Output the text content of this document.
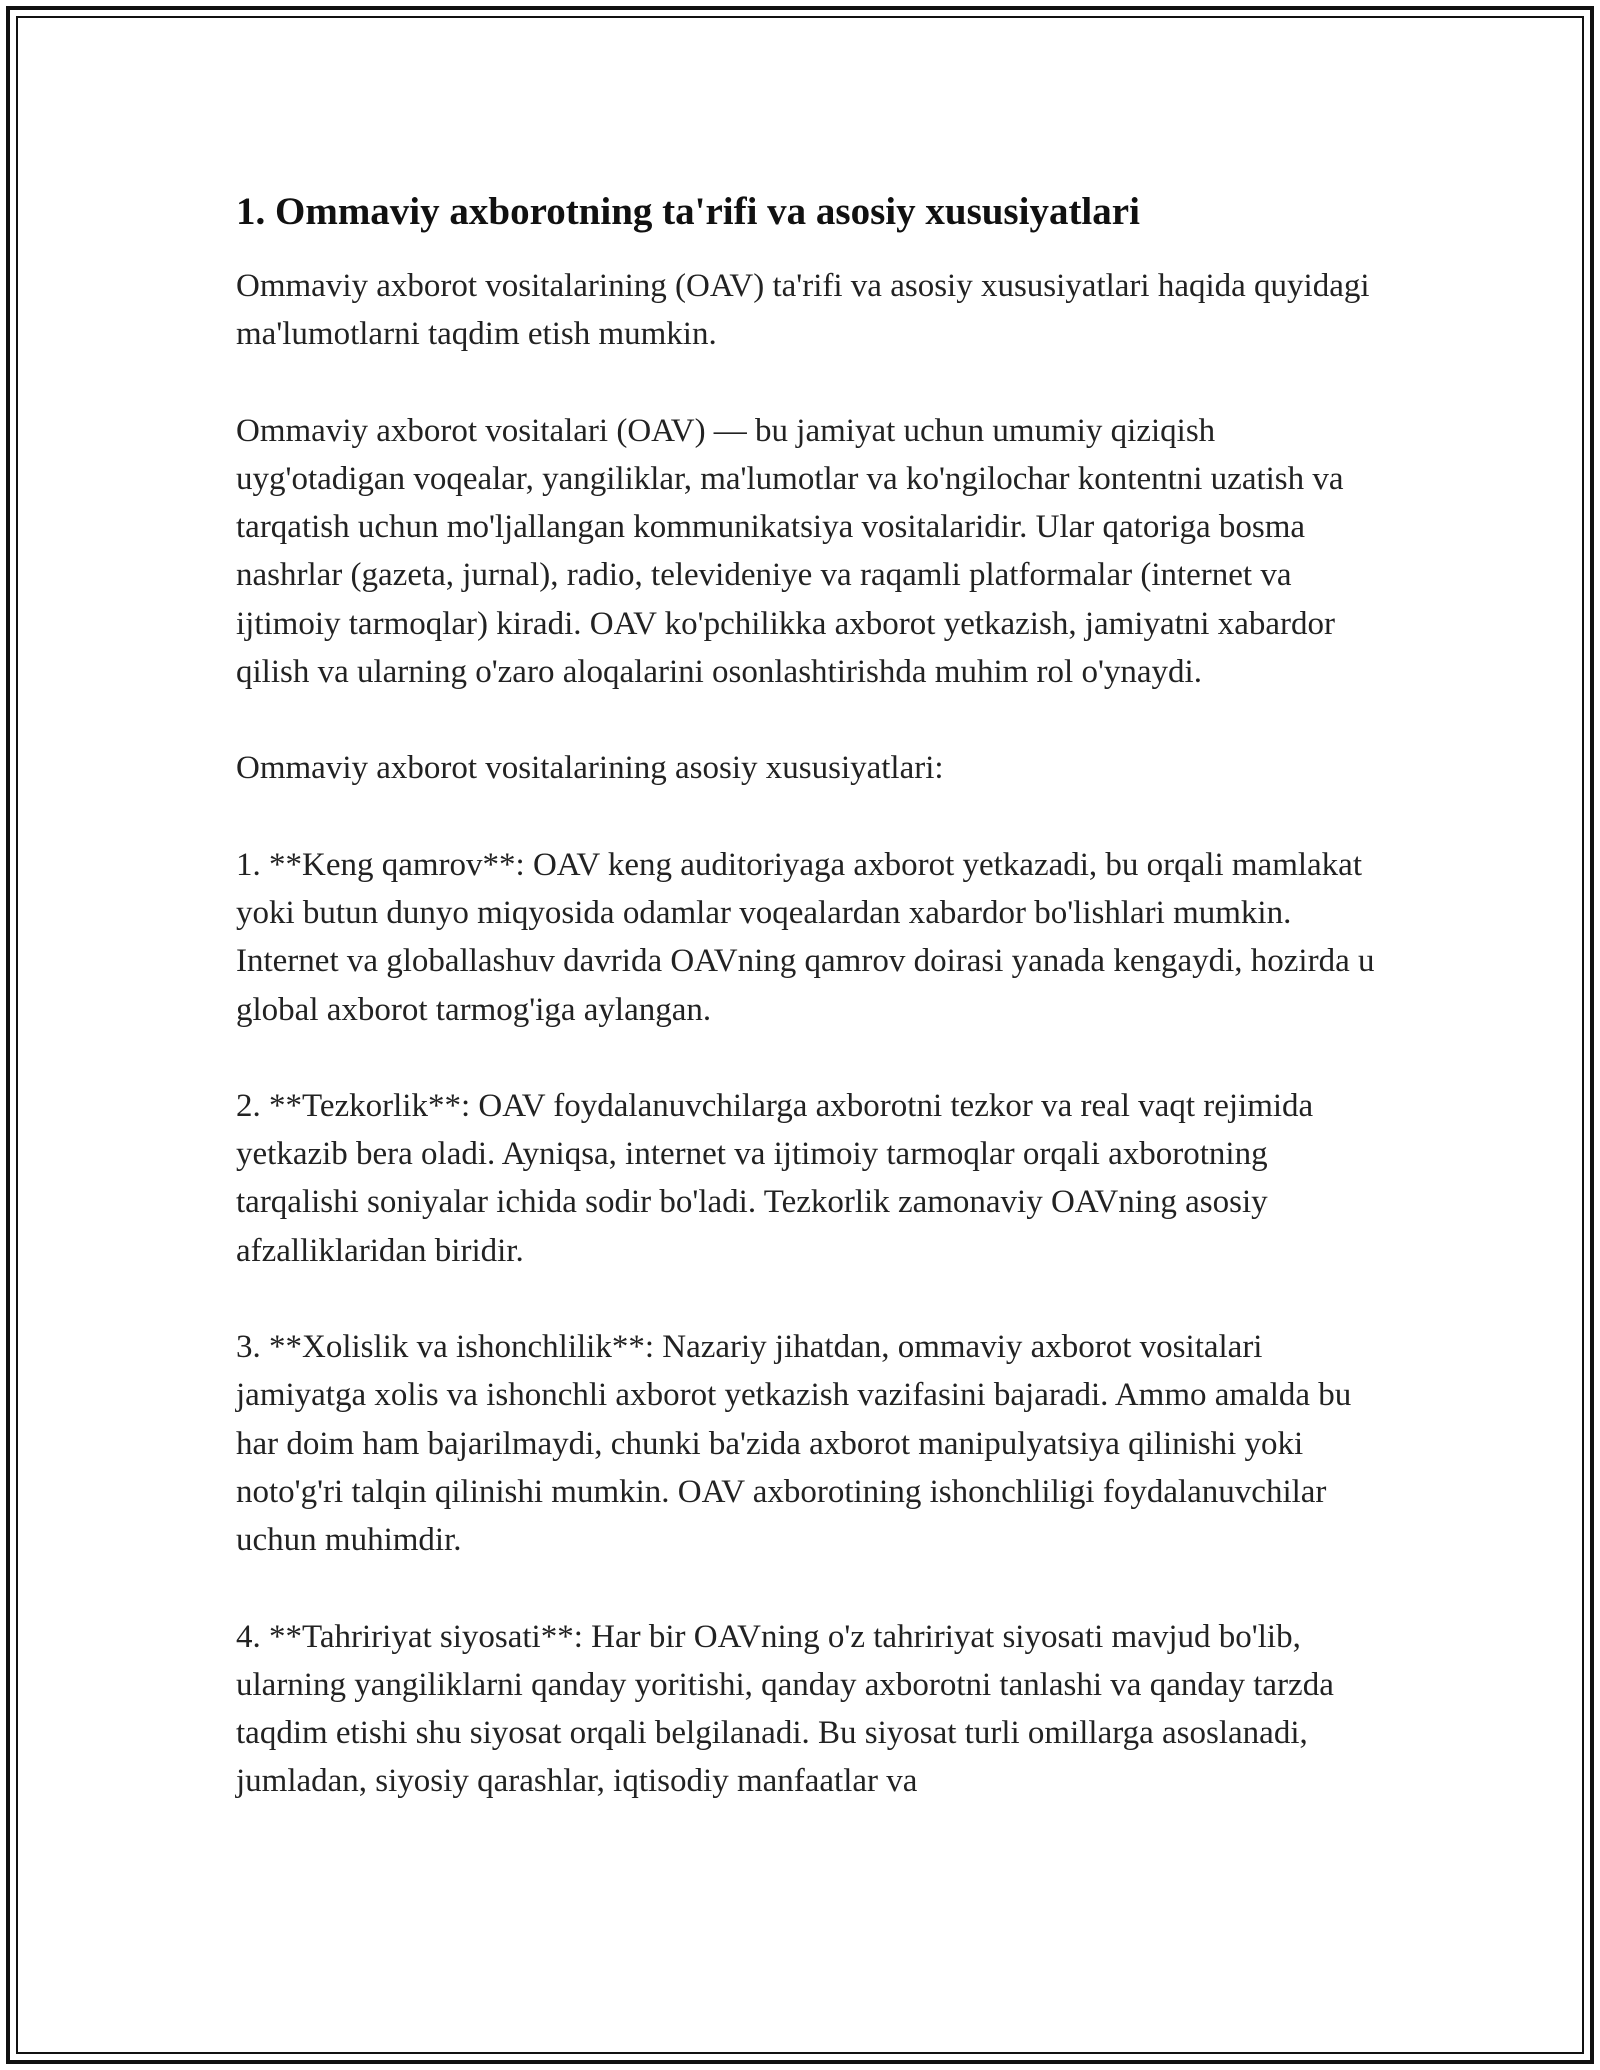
1. Ommaviy axborotning ta'rifi va asosiy xususiyatlari

Ommaviy axborot vositalarining (OAV) ta'rifi va asosiy xususiyatlari haqida quyidagi ma'lumotlarni taqdim etish mumkin.

Ommaviy axborot vositalari (OAV) — bu jamiyat uchun umumiy qiziqish uyg'otadigan voqealar, yangiliklar, ma'lumotlar va ko'ngilochar kontentni uzatish va tarqatish uchun mo'ljallangan kommunikatsiya vositalaridir. Ular qatoriga bosma nashrlar (gazeta, jurnal), radio, televideniye va raqamli platformalar (internet va ijtimoiy tarmoqlar) kiradi. OAV ko'pchilikka axborot yetkazish, jamiyatni xabardor qilish va ularning o'zaro aloqalarini osonlashtirishda muhim rol o'ynaydi.

Ommaviy axborot vositalarining asosiy xususiyatlari:

1. **Keng qamrov**: OAV keng auditoriyaga axborot yetkazadi, bu orqali mamlakat yoki butun dunyo miqyosida odamlar voqealardan xabardor bo'lishlari mumkin. Internet va globallashuv davrida OAVning qamrov doirasi yanada kengaydi, hozirda u global axborot tarmog'iga aylangan.

2. **Tezkorlik**: OAV foydalanuvchilarga axborotni tezkor va real vaqt rejimida yetkazib bera oladi. Ayniqsa, internet va ijtimoiy tarmoqlar orqali axborotning tarqalishi soniyalar ichida sodir bo'ladi. Tezkorlik zamonaviy OAVning asosiy afzalliklaridan biridir.

3. **Xolislik va ishonchlilik**: Nazariy jihatdan, ommaviy axborot vositalari jamiyatga xolis va ishonchli axborot yetkazish vazifasini bajaradi. Ammo amalda bu har doim ham bajarilmaydi, chunki ba'zida axborot manipulyatsiya qilinishi yoki noto'g'ri talqin qilinishi mumkin. OAV axborotining ishonchliligi foydalanuvchilar uchun muhimdir.

4. **Tahririyat siyosati**: Har bir OAVning o'z tahririyat siyosati mavjud bo'lib, ularning yangiliklarni qanday yoritishi, qanday axborotni tanlashi va qanday tarzda taqdim etishi shu siyosat orqali belgilanadi. Bu siyosat turli omillarga asoslanadi, jumladan, siyosiy qarashlar, iqtisodiy manfaatlar va
